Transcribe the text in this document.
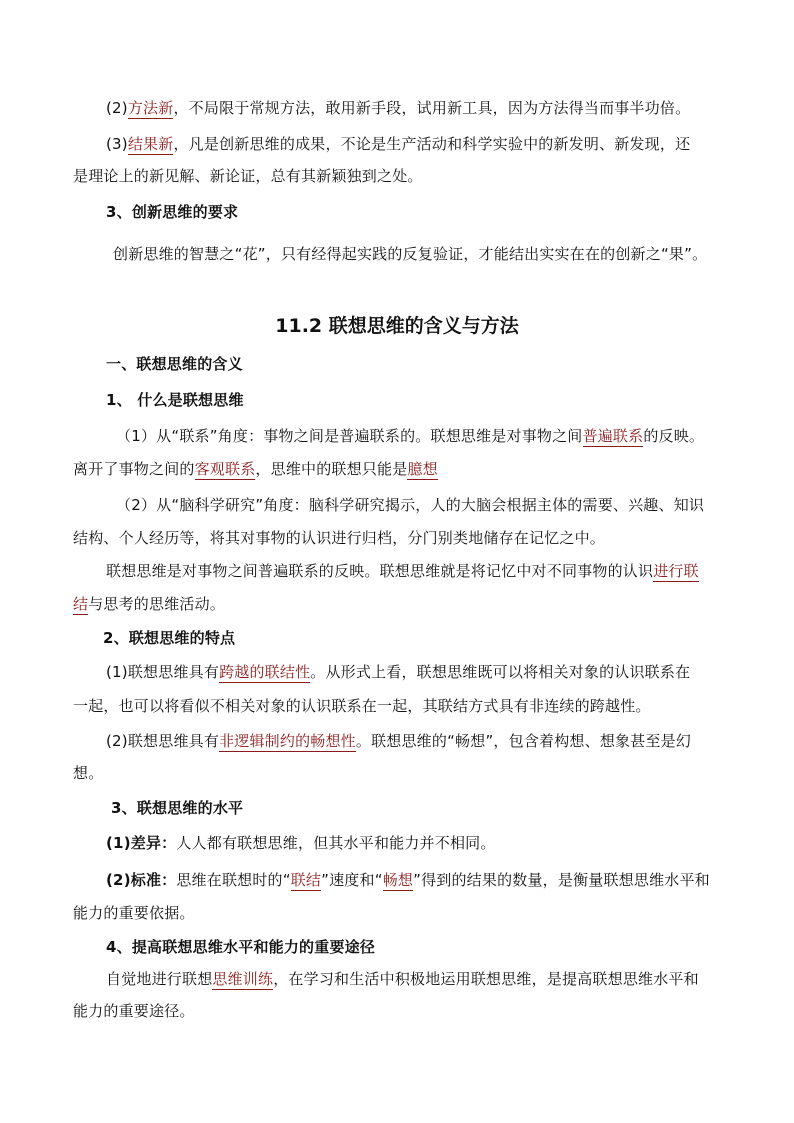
(2)方法新，不局限于常规方法，敢用新手段，试用新工具，因为方法得当而事半功倍。
(3)结果新，凡是创新思维的成果，不论是生产活动和科学实验中的新发明、新发现，还
是理论上的新见解、新论证，总有其新颖独到之处。
3、创新思维的要求
创新思维的智慧之“花”，只有经得起实践的反复验证，才能结出实实在在的创新之“果”。
11.2 联想思维的含义与方法
一、联想思维的含义
1、 什么是联想思维
（1）从“联系”角度：事物之间是普遍联系的。联想思维是对事物之间普遍联系的反映。
离开了事物之间的客观联系，思维中的联想只能是臆想
（2）从“脑科学研究”角度：脑科学研究揭示，人的大脑会根据主体的需要、兴趣、知识
结构、个人经历等，将其对事物的认识进行归档，分门别类地储存在记忆之中。
联想思维是对事物之间普遍联系的反映。联想思维就是将记忆中对不同事物的认识进行联
结与思考的思维活动。
2、联想思维的特点
(1)联想思维具有跨越的联结性。从形式上看，联想思维既可以将相关对象的认识联系在
一起，也可以将看似不相关对象的认识联系在一起，其联结方式具有非连续的跨越性。
(2)联想思维具有非逻辑制约的畅想性。联想思维的“畅想”，包含着构想、想象甚至是幻
想。
3、联想思维的水平
(1)差异：人人都有联想思维，但其水平和能力并不相同。
(2)标准：思维在联想时的“联结”速度和“畅想”得到的结果的数量，是衡量联想思维水平和
能力的重要依据。
4、提高联想思维水平和能力的重要途径
自觉地进行联想思维训练，在学习和生活中积极地运用联想思维，是提高联想思维水平和
能力的重要途径。
